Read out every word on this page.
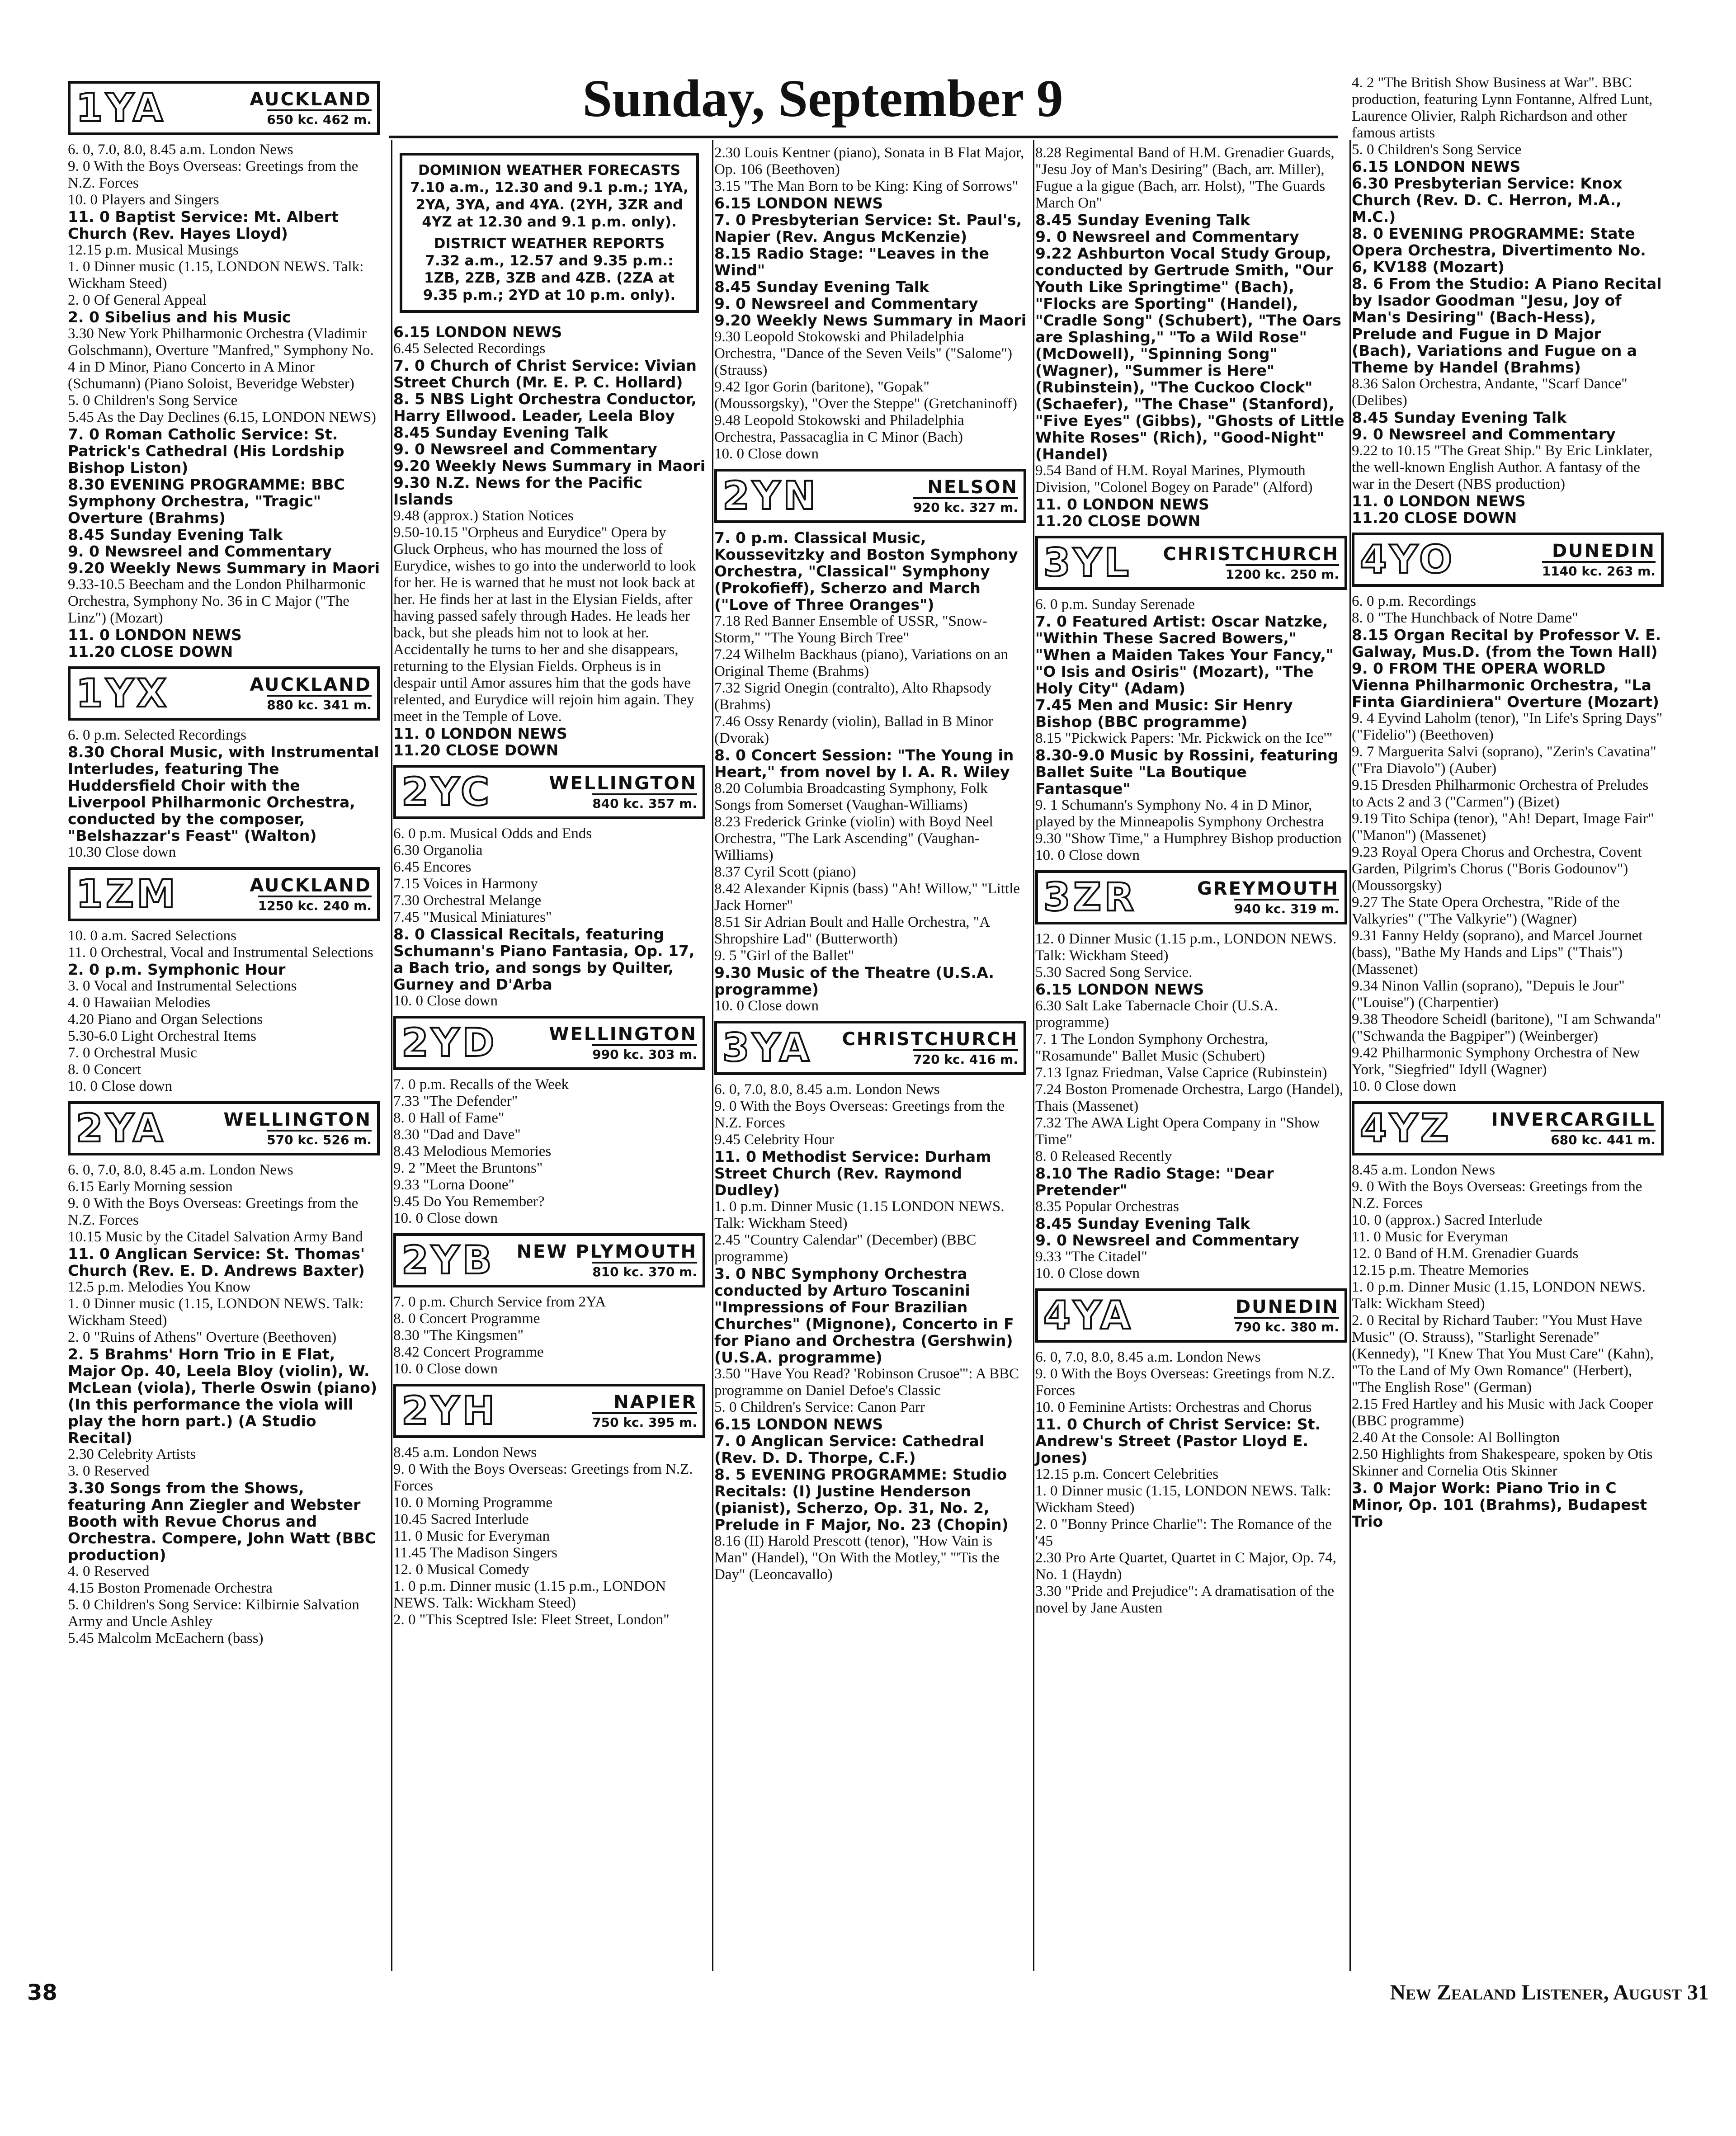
Sunday, September 9
1YA	AUCKLAND
650 kc. 462 m.

6. 0, 7.0, 8.0, 8.45 a.m. London News

9. 0 With the Boys Overseas: Greetings from the N.Z. Forces

10. 0 Players and Singers

11. 0 Baptist Service: Mt. Albert Church (Rev. Hayes Lloyd)

12.15 p.m. Musical Musings

1. 0 Dinner music (1.15, LONDON NEWS. Talk: Wickham Steed)

2. 0 Of General Appeal

2. 0 Sibelius and his Music

3.30 New York Philharmonic Orchestra (Vladimir Golschmann), Overture "Manfred," Symphony No. 4 in D Minor, Piano Concerto in A Minor (Schumann) (Piano Soloist, Beveridge Webster)

5. 0 Children's Song Service

5.45 As the Day Declines (6.15, LONDON NEWS)

7. 0 Roman Catholic Service: St. Patrick's Cathedral (His Lordship Bishop Liston)

8.30 EVENING PROGRAMME: BBC Symphony Orchestra, "Tragic" Overture (Brahms)

8.45 Sunday Evening Talk

9. 0 Newsreel and Commentary

9.20 Weekly News Summary in Maori

9.33-10.5 Beecham and the London Philharmonic Orchestra, Symphony No. 36 in C Major ("The Linz") (Mozart)

11. 0 LONDON NEWS

11.20 CLOSE DOWN

1YX	AUCKLAND
880 kc. 341 m.

6. 0 p.m. Selected Recordings

8.30 Choral Music, with Instrumental Interludes, featuring The Huddersfield Choir with the Liverpool Philharmonic Orchestra, conducted by the composer, "Belshazzar's Feast" (Walton)

10.30 Close down

1ZM	AUCKLAND
1250 kc. 240 m.

10. 0 a.m. Sacred Selections

11. 0 Orchestral, Vocal and Instrumental Selections

2. 0 p.m. Symphonic Hour

3. 0 Vocal and Instrumental Selections

4. 0 Hawaiian Melodies

4.20 Piano and Organ Selections

5.30-6.0 Light Orchestral Items

7. 0 Orchestral Music

8. 0 Concert

10. 0 Close down

2YA	WELLINGTON
570 kc. 526 m.

6. 0, 7.0, 8.0, 8.45 a.m. London News

6.15 Early Morning session

9. 0 With the Boys Overseas: Greetings from the N.Z. Forces

10.15 Music by the Citadel Salvation Army Band

11. 0 Anglican Service: St. Thomas' Church (Rev. E. D. Andrews Baxter)

12.5 p.m. Melodies You Know

1. 0 Dinner music (1.15, LONDON NEWS. Talk: Wickham Steed)

2. 0 "Ruins of Athens" Overture (Beethoven)

2. 5 Brahms' Horn Trio in E Flat, Major Op. 40, Leela Bloy (violin), W. McLean (viola), Therle Oswin (piano) (In this performance the viola will play the horn part.) (A Studio Recital)

2.30 Celebrity Artists

3. 0 Reserved

3.30 Songs from the Shows, featuring Ann Ziegler and Webster Booth with Revue Chorus and Orchestra. Compere, John Watt (BBC production)

4. 0 Reserved

4.15 Boston Promenade Orchestra

5. 0 Children's Song Service: Kilbirnie Salvation Army and Uncle Ashley

5.45 Malcolm McEachern (bass)

DOMINION WEATHER FORECASTS
7.10 a.m., 12.30 and 9.1 p.m.; 1YA, 2YA, 3YA, and 4YA. (2YH, 3ZR and 4YZ at 12.30 and 9.1 p.m. only).
DISTRICT WEATHER REPORTS
7.32 a.m., 12.57 and 9.35 p.m.: 1ZB, 2ZB, 3ZB and 4ZB. (2ZA at 9.35 p.m.; 2YD at 10 p.m. only).

6.15 LONDON NEWS

6.45 Selected Recordings

7. 0 Church of Christ Service: Vivian Street Church (Mr. E. P. C. Hollard)

8. 5 NBS Light Orchestra Conductor, Harry Ellwood. Leader, Leela Bloy

8.45 Sunday Evening Talk

9. 0 Newsreel and Commentary

9.20 Weekly News Summary in Maori

9.30 N.Z. News for the Pacific Islands

9.48 (approx.) Station Notices

9.50-10.15 "Orpheus and Eurydice" Opera by Gluck Orpheus, who has mourned the loss of Eurydice, wishes to go into the underworld to look for her. He is warned that he must not look back at her. He finds her at last in the Elysian Fields, after having passed safely through Hades. He leads her back, but she pleads him not to look at her. Accidentally he turns to her and she disappears, returning to the Elysian Fields. Orpheus is in despair until Amor assures him that the gods have relented, and Eurydice will rejoin him again. They meet in the Temple of Love.

11. 0 LONDON NEWS

11.20 CLOSE DOWN

2YC	WELLINGTON
840 kc. 357 m.

6. 0 p.m. Musical Odds and Ends

6.30 Organolia

6.45 Encores

7.15 Voices in Harmony

7.30 Orchestral Melange

7.45 "Musical Miniatures"

8. 0 Classical Recitals, featuring Schumann's Piano Fantasia, Op. 17, a Bach trio, and songs by Quilter, Gurney and D'Arba

10. 0 Close down

2YD	WELLINGTON
990 kc. 303 m.

7. 0 p.m. Recalls of the Week

7.33 "The Defender"

8. 0 Hall of Fame"

8.30 "Dad and Dave"

8.43 Melodious Memories

9. 2 "Meet the Bruntons"

9.33 "Lorna Doone"

9.45 Do You Remember?

10. 0 Close down

2YB NEW PLYMOUTH
810 kc. 370 m.

7. 0 p.m. Church Service from 2YA

8. 0 Concert Programme

8.30 "The Kingsmen"

8.42 Concert Programme

10. 0 Close down

2YH	NAPIER
750 kc. 395 m.

8.45 a.m. London News

9. 0 With the Boys Overseas: Greetings from N.Z. Forces

10. 0 Morning Programme

10.45 Sacred Interlude

11. 0 Music for Everyman

11.45 The Madison Singers

12. 0 Musical Comedy

1. 0 p.m. Dinner music (1.15 p.m., LONDON NEWS. Talk: Wickham Steed)

2. 0 "This Sceptred Isle: Fleet Street, London"

2.30 Louis Kentner (piano), Sonata in B Flat Major, Op. 106 (Beethoven)

3.15 "The Man Born to be King: King of Sorrows"

6.15 LONDON NEWS

7. 0 Presbyterian Service: St. Paul's, Napier (Rev. Angus McKenzie)

8.15 Radio Stage: "Leaves in the Wind"

8.45 Sunday Evening Talk

9. 0 Newsreel and Commentary

9.20 Weekly News Summary in Maori

9.30 Leopold Stokowski and Philadelphia Orchestra, "Dance of the Seven Veils" ("Salome") (Strauss)

9.42 Igor Gorin (baritone), "Gopak" (Moussorgsky), "Over the Steppe" (Gretchaninoff)

9.48 Leopold Stokowski and Philadelphia Orchestra, Passacaglia in C Minor (Bach)

10. 0 Close down

2YN	NELSON
920 kc. 327 m.

7. 0 p.m. Classical Music, Koussevitzky and Boston Symphony Orchestra, "Classical" Symphony (Prokofieff), Scherzo and March ("Love of Three Oranges")

7.18 Red Banner Ensemble of USSR, "Snow-Storm," "The Young Birch Tree"

7.24 Wilhelm Backhaus (piano), Variations on an Original Theme (Brahms)

7.32 Sigrid Onegin (contralto), Alto Rhapsody (Brahms)

7.46 Ossy Renardy (violin), Ballad in B Minor (Dvorak)

8. 0 Concert Session: "The Young in Heart," from novel by I. A. R. Wiley

8.20 Columbia Broadcasting Symphony, Folk Songs from Somerset (Vaughan-Williams)

8.23 Frederick Grinke (violin) with Boyd Neel Orchestra, "The Lark Ascending" (Vaughan-Williams)

8.37 Cyril Scott (piano)

8.42 Alexander Kipnis (bass) "Ah! Willow," "Little Jack Horner"

8.51 Sir Adrian Boult and Halle Orchestra, "A Shropshire Lad" (Butterworth)

9. 5 "Girl of the Ballet"

9.30 Music of the Theatre (U.S.A. programme)

10. 0 Close down

3YA CHRISTCHURCH
720 kc. 416 m.

6. 0, 7.0, 8.0, 8.45 a.m. London News

9. 0 With the Boys Overseas: Greetings from the N.Z. Forces

9.45 Celebrity Hour

11. 0 Methodist Service: Durham Street Church (Rev. Raymond Dudley)

1. 0 p.m. Dinner Music (1.15 LONDON NEWS. Talk: Wickham Steed)

2.45 "Country Calendar" (December) (BBC programme)

3. 0 NBC Symphony Orchestra conducted by Arturo Toscanini "Impressions of Four Brazilian Churches" (Mignone), Concerto in F for Piano and Orchestra (Gershwin) (U.S.A. programme)

3.50 "Have You Read? 'Robinson Crusoe'": A BBC programme on Daniel Defoe's Classic

5. 0 Children's Service: Canon Parr

6.15 LONDON NEWS

7. 0 Anglican Service: Cathedral (Rev. D. D. Thorpe, C.F.)

8. 5 EVENING PROGRAMME: Studio Recitals: (I) Justine Henderson (pianist), Scherzo, Op. 31, No. 2, Prelude in F Major, No. 23 (Chopin)

8.16 (II) Harold Prescott (tenor), "How Vain is Man" (Handel), "On With the Motley," "'Tis the Day" (Leoncavallo)

8.28 Regimental Band of H.M. Grenadier Guards, "Jesu Joy of Man's Desiring" (Bach, arr. Miller), Fugue a la gigue (Bach, arr. Holst), "The Guards March On"

8.45 Sunday Evening Talk

9. 0 Newsreel and Commentary

9.22 Ashburton Vocal Study Group, conducted by Gertrude Smith, "Our Youth Like Springtime" (Bach), "Flocks are Sporting" (Handel), "Cradle Song" (Schubert), "The Oars are Splashing," "To a Wild Rose" (McDowell), "Spinning Song" (Wagner), "Summer is Here" (Rubinstein), "The Cuckoo Clock" (Schaefer), "The Chase" (Stanford), "Five Eyes" (Gibbs), "Ghosts of Little White Roses" (Rich), "Good-Night" (Handel)

9.54 Band of H.M. Royal Marines, Plymouth Division, "Colonel Bogey on Parade" (Alford)

11. 0 LONDON NEWS

11.20 CLOSE DOWN

3YL CHRISTCHURCH
1200 kc. 250 m.

6. 0 p.m. Sunday Serenade

7. 0 Featured Artist: Oscar Natzke, "Within These Sacred Bowers," "When a Maiden Takes Your Fancy," "O Isis and Osiris" (Mozart), "The Holy City" (Adam)

7.45 Men and Music: Sir Henry Bishop (BBC programme)

8.15 "Pickwick Papers: 'Mr. Pickwick on the Ice'"

8.30-9.0 Music by Rossini, featuring Ballet Suite "La Boutique Fantasque"

9. 1 Schumann's Symphony No. 4 in D Minor, played by the Minneapolis Symphony Orchestra

9.30 "Show Time," a Humphrey Bishop production

10. 0 Close down

3ZR	GREYMOUTH
940 kc. 319 m.

12. 0 Dinner Music (1.15 p.m., LONDON NEWS. Talk: Wickham Steed)

5.30 Sacred Song Service.

6.15 LONDON NEWS

6.30 Salt Lake Tabernacle Choir (U.S.A. programme)

7. 1 The London Symphony Orchestra, "Rosamunde" Ballet Music (Schubert)

7.13 Ignaz Friedman, Valse Caprice (Rubinstein)

7.24 Boston Promenade Orchestra, Largo (Handel), Thais (Massenet)

7.32 The AWA Light Opera Company in "Show Time"

8. 0 Released Recently

8.10 The Radio Stage: "Dear Pretender"

8.35 Popular Orchestras

8.45 Sunday Evening Talk

9. 0 Newsreel and Commentary

9.33 "The Citadel"

10. 0 Close down

4YA	DUNEDIN
790 kc. 380 m.

6. 0, 7.0, 8.0, 8.45 a.m. London News

9. 0 With the Boys Overseas: Greetings from N.Z. Forces

10. 0 Feminine Artists: Orchestras and Chorus

11. 0 Church of Christ Service: St. Andrew's Street (Pastor Lloyd E. Jones)

12.15 p.m. Concert Celebrities

1. 0 Dinner music (1.15, LONDON NEWS. Talk: Wickham Steed)

2. 0 "Bonny Prince Charlie": The Romance of the '45

2.30 Pro Arte Quartet, Quartet in C Major, Op. 74, No. 1 (Haydn)

3.30 "Pride and Prejudice": A dramatisation of the novel by Jane Austen

4. 2 "The British Show Business at War". BBC production, featuring Lynn Fontanne, Alfred Lunt, Laurence Olivier, Ralph Richardson and other famous artists

5. 0 Children's Song Service

6.15 LONDON NEWS

6.30 Presbyterian Service: Knox Church (Rev. D. C. Herron, M.A., M.C.)

8. 0 EVENING PROGRAMME: State Opera Orchestra, Divertimento No. 6, KV188 (Mozart)

8. 6 From the Studio: A Piano Recital by Isador Goodman "Jesu, Joy of Man's Desiring" (Bach-Hess), Prelude and Fugue in D Major (Bach), Variations and Fugue on a Theme by Handel (Brahms)

8.36 Salon Orchestra, Andante, "Scarf Dance" (Delibes)

8.45 Sunday Evening Talk

9. 0 Newsreel and Commentary

9.22 to 10.15 "The Great Ship." By Eric Linklater, the well-known English Author. A fantasy of the war in the Desert (NBS production)

11. 0 LONDON NEWS

11.20 CLOSE DOWN

4YO	DUNEDIN
1140 kc. 263 m.

6. 0 p.m. Recordings

8. 0 "The Hunchback of Notre Dame"

8.15 Organ Recital by Professor V. E. Galway, Mus.D. (from the Town Hall)

9. 0 FROM THE OPERA WORLD Vienna Philharmonic Orchestra, "La Finta Giardiniera" Overture (Mozart)

9. 4 Eyvind Laholm (tenor), "In Life's Spring Days" ("Fidelio") (Beethoven)

9. 7 Marguerita Salvi (soprano), "Zerin's Cavatina" ("Fra Diavolo") (Auber)

9.15 Dresden Philharmonic Orchestra of Preludes to Acts 2 and 3 ("Carmen") (Bizet)

9.19 Tito Schipa (tenor), "Ah! Depart, Image Fair" ("Manon") (Massenet)

9.23 Royal Opera Chorus and Orchestra, Covent Garden, Pilgrim's Chorus ("Boris Godounov") (Moussorgsky)

9.27 The State Opera Orchestra, "Ride of the Valkyries" ("The Valkyrie") (Wagner)

9.31 Fanny Heldy (soprano), and Marcel Journet (bass), "Bathe My Hands and Lips" ("Thais") (Massenet)

9.34 Ninon Vallin (soprano), "Depuis le Jour" ("Louise") (Charpentier)

9.38 Theodore Scheidl (baritone), "I am Schwanda" ("Schwanda the Bagpiper") (Weinberger)

9.42 Philharmonic Symphony Orchestra of New York, "Siegfried" Idyll (Wagner)

10. 0 Close down

4YZ INVERCARGILL
680 kc. 441 m.

8.45 a.m. London News

9. 0 With the Boys Overseas: Greetings from the N.Z. Forces

10. 0 (approx.) Sacred Interlude

11. 0 Music for Everyman

12. 0 Band of H.M. Grenadier Guards

12.15 p.m. Theatre Memories

1. 0 p.m. Dinner Music (1.15, LONDON NEWS. Talk: Wickham Steed)

2. 0 Recital by Richard Tauber: "You Must Have Music" (O. Strauss), "Starlight Serenade" (Kennedy), "I Knew That You Must Care" (Kahn), "To the Land of My Own Romance" (Herbert), "The English Rose" (German)

2.15 Fred Hartley and his Music with Jack Cooper (BBC programme)

2.40 At the Console: Al Bollington

2.50 Highlights from Shakespeare, spoken by Otis Skinner and Cornelia Otis Skinner

3. 0 Major Work: Piano Trio in C Minor, Op. 101 (Brahms), Budapest Trio

38	New Zealand Listener, August 31
